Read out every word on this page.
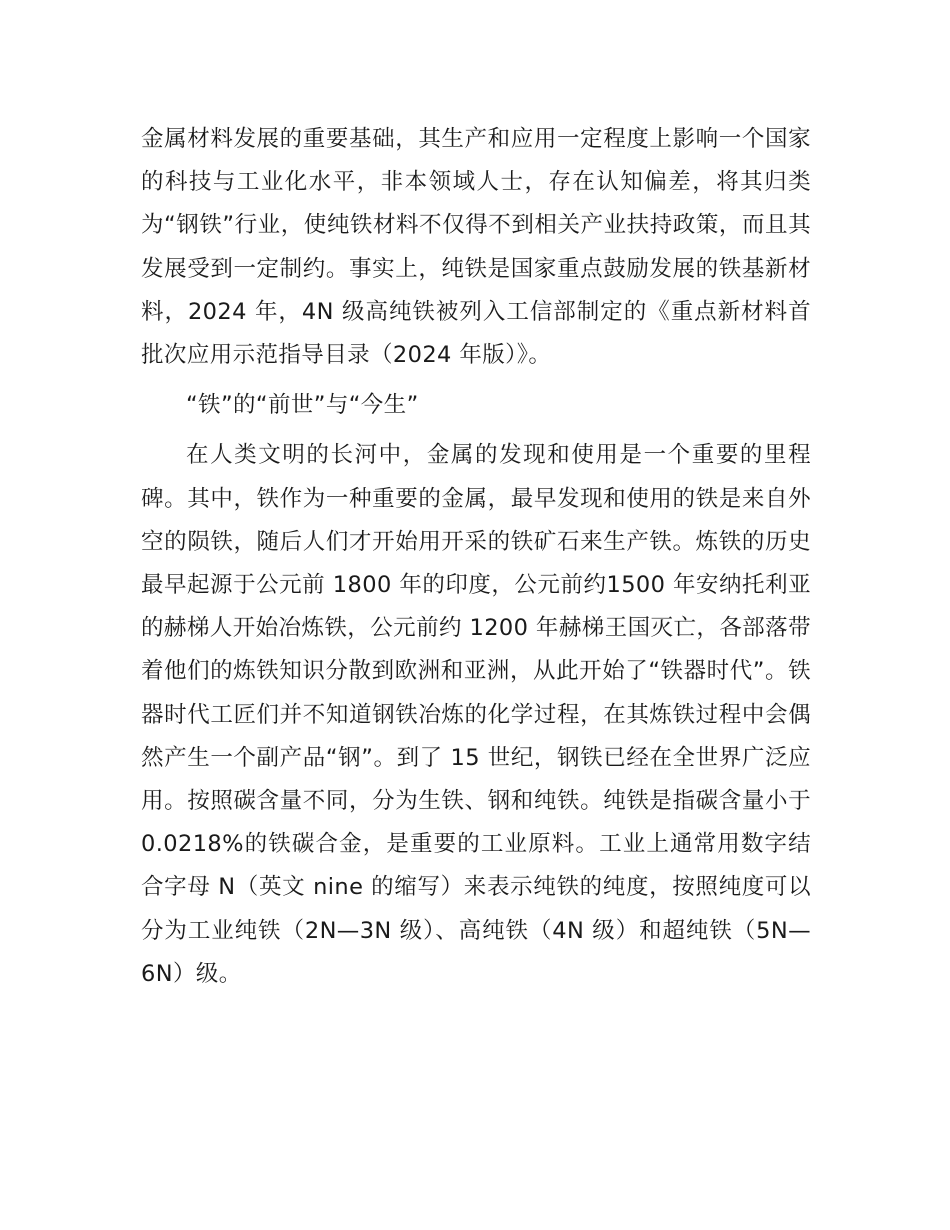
金属材料发展的重要基础，其生产和应用一定程度上影响一个国家的科技与工业化水平，非本领域人士，存在认知偏差，将其归类为“钢铁”行业，使纯铁材料不仅得不到相关产业扶持政策，而且其发展受到一定制约。事实上，纯铁是国家重点鼓励发展的铁基新材料，2024 年，4N 级高纯铁被列入工信部制定的《重点新材料首批次应用示范指导目录（2024 年版）》。

“铁”的“前世”与“今生”

在人类文明的长河中，金属的发现和使用是一个重要的里程碑。其中，铁作为一种重要的金属，最早发现和使用的铁是来自外空的陨铁，随后人们才开始用开采的铁矿石来生产铁。炼铁的历史最早起源于公元前 1800 年的印度，公元前约1500 年安纳托利亚的赫梯人开始冶炼铁，公元前约 1200 年赫梯王国灭亡，各部落带着他们的炼铁知识分散到欧洲和亚洲，从此开始了“铁器时代”。铁器时代工匠们并不知道钢铁冶炼的化学过程，在其炼铁过程中会偶然产生一个副产品“钢”。到了 15 世纪，钢铁已经在全世界广泛应用。按照碳含量不同，分为生铁、钢和纯铁。纯铁是指碳含量小于0.0218%的铁碳合金，是重要的工业原料。工业上通常用数字结合字母 N（英文 nine 的缩写）来表示纯铁的纯度，按照纯度可以分为工业纯铁（2N—3N 级）、高纯铁（4N 级）和超纯铁（5N—6N）级。
